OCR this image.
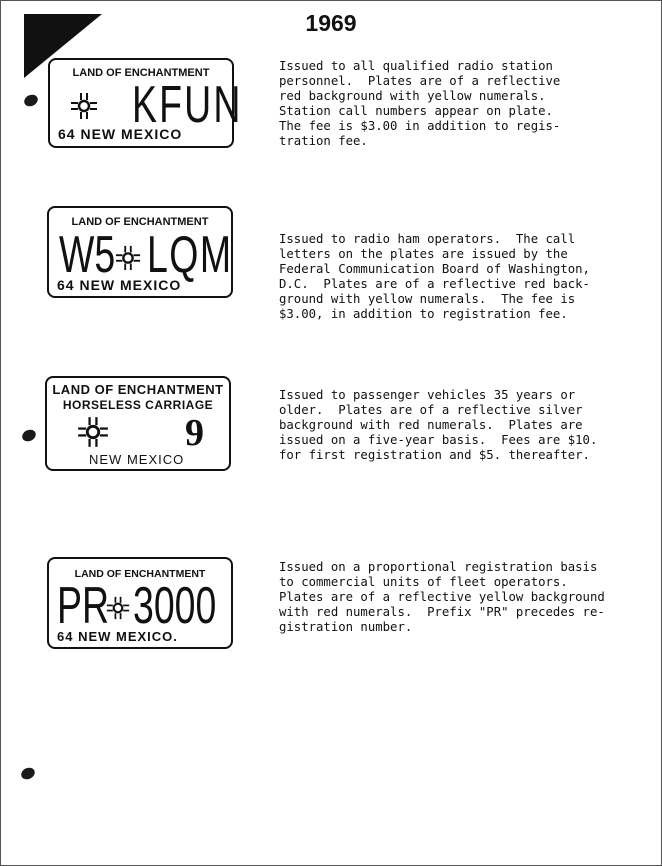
1969
LAND OF ENCHANTMENT
KFUN
64 NEW MEXICO
Issued to all qualified radio station
personnel.  Plates are of a reflective
red background with yellow numerals.
Station call numbers appear on plate.
The fee is $3.00 in addition to regis-
tration fee.
LAND OF ENCHANTMENT
W5 LQM
64 NEW MEXICO
Issued to radio ham operators.  The call
letters on the plates are issued by the
Federal Communication Board of Washington,
D.C.  Plates are of a reflective red back-
ground with yellow numerals.  The fee is
$3.00, in addition to registration fee.
LAND OF ENCHANTMENT
HORSELESS CARRIAGE
9
NEW MEXICO
Issued to passenger vehicles 35 years or
older.  Plates are of a reflective silver
background with red numerals.  Plates are
issued on a five-year basis.  Fees are $10.
for first registration and $5. thereafter.
LAND OF ENCHANTMENT
PR 3000
64 NEW MEXICO.
Issued on a proportional registration basis
to commercial units of fleet operators.
Plates are of a reflective yellow background
with red numerals.  Prefix "PR" precedes re-
gistration number.
